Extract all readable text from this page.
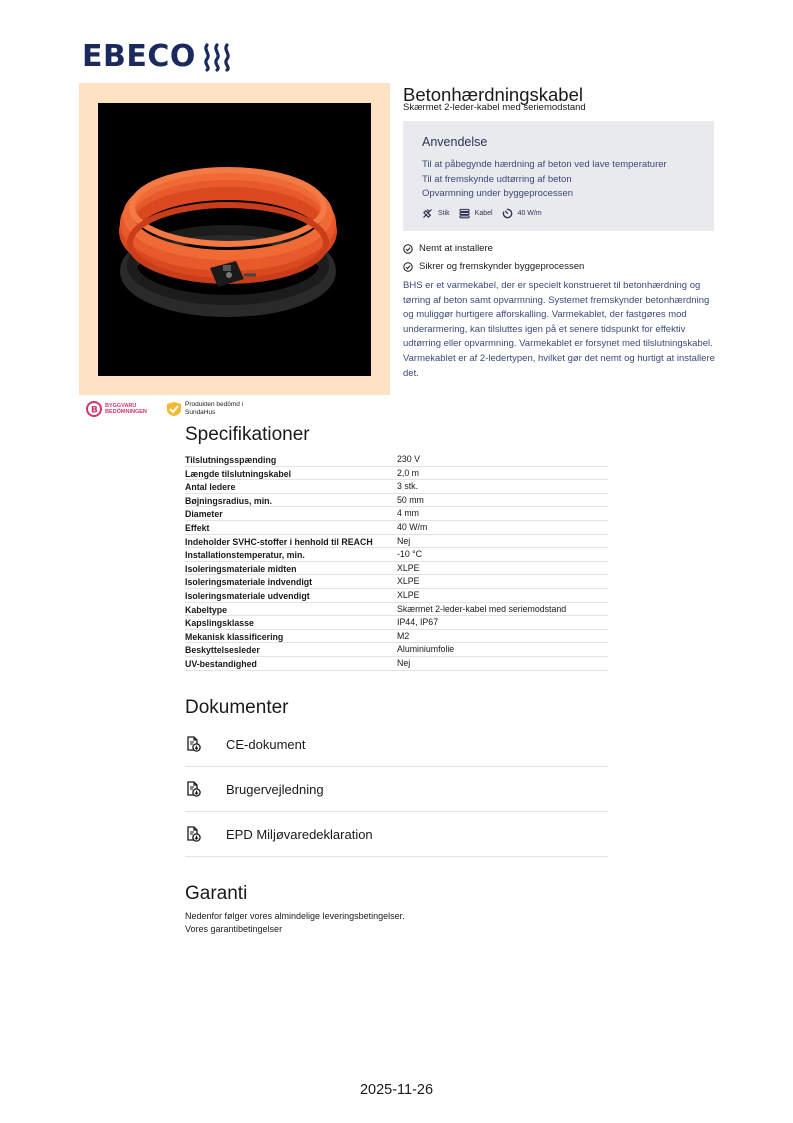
EBECO
B BYGGVARU
BEDÖMNINGEN
Produkten bedömd i
SundaHus
Betonhærdningskabel
Skærmet 2-leder-kabel med seriemodstand
Anvendelse
Til at påbegynde hærdning af beton ved lave temperaturer
Til at fremskynde udtørring af beton
Opvarmning under byggeprocessen
Stik	Kabel	40 W/m
Nemt at installere
Sikrer og fremskynder byggeprocessen
BHS er et varmekabel, der er specielt konstrueret til betonhærdning og tørring af beton samt opvarmning. Systemet fremskynder betonhærdning og muliggør hurtigere afforskalling. Varmekablet, der fastgøres mod underarmering, kan tilsluttes igen på et senere tidspunkt for effektiv udtørring eller opvarmning. Varmekablet er forsynet med tilslutningskabel. Varmekablet er af 2-ledertypen, hvilket gør det nemt og hurtigt at installere det.
Specifikationer
Tilslutningsspænding	230 V
Længde tilslutningskabel	2,0 m
Antal ledere	3 stk.
Bøjningsradius, min.	50 mm
Diameter	4 mm
Effekt	40 W/m
Indeholder SVHC-stoffer i henhold til REACH	Nej
Installationstemperatur, min.	-10 °C
Isoleringsmateriale midten	XLPE
Isoleringsmateriale indvendigt	XLPE
Isoleringsmateriale udvendigt	XLPE
Kabeltype	Skærmet 2-leder-kabel med seriemodstand
Kapslingsklasse	IP44, IP67
Mekanisk klassificering	M2
Beskyttelsesleder	Aluminiumfolie
UV-bestandighed	Nej
Dokumenter
CE-dokument
Brugervejledning
EPD Miljøvaredeklaration
Garanti
Nedenfor følger vores almindelige leveringsbetingelser.
Vores garantibetingelser
2025-11-26
